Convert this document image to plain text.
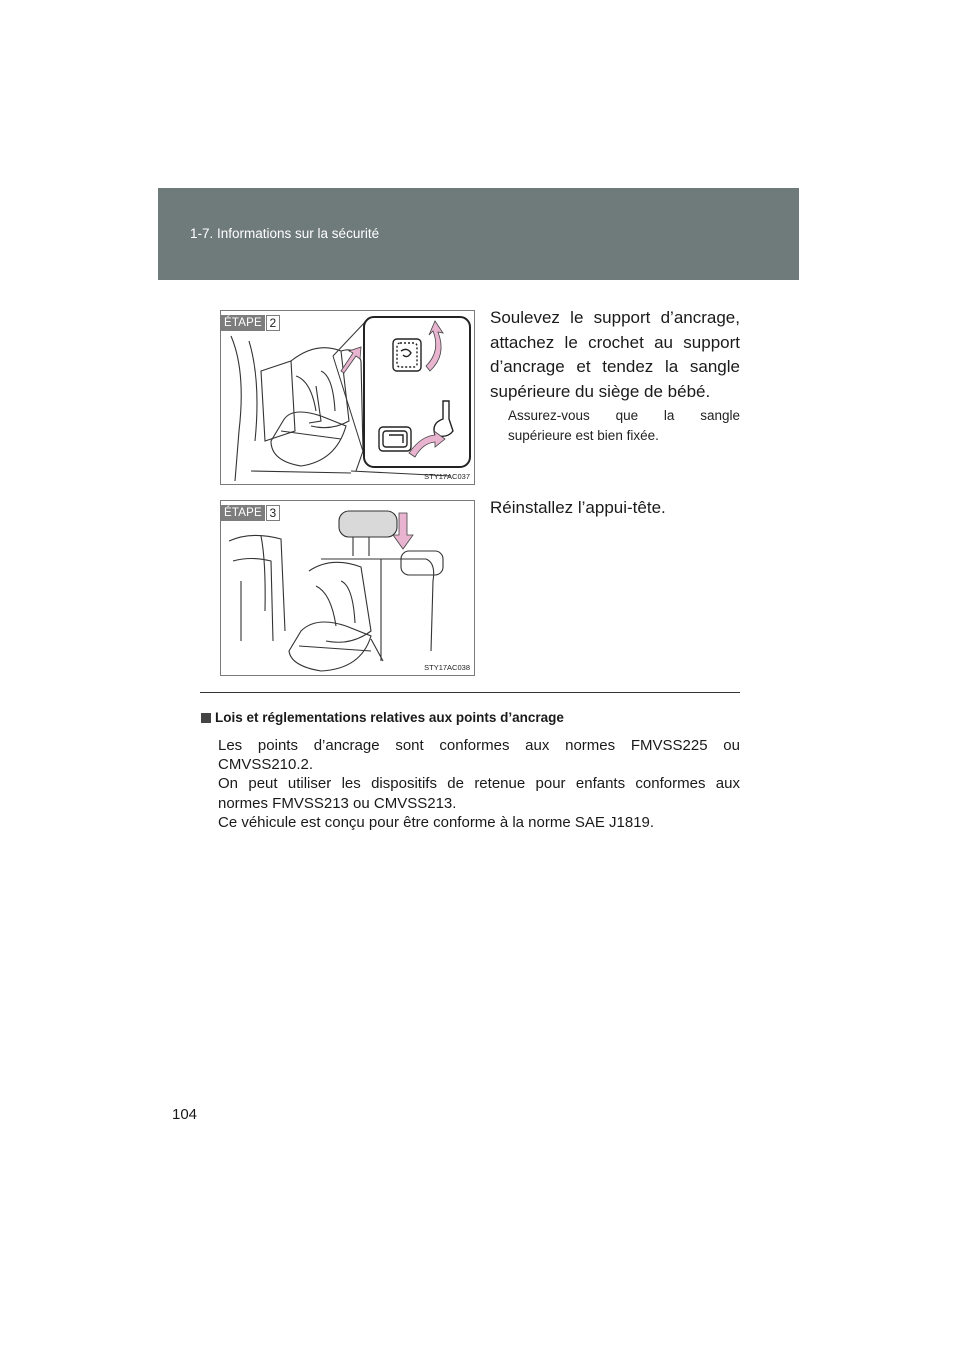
1-7. Informations sur la sécurité
ÉTAPE 2
STY17AC037
Soulevez le support d’ancrage, attachez le crochet au support d’ancrage et tendez la sangle supérieure du siège de bébé.
Assurez-vous que la sangle supérieure est bien fixée.
ÉTAPE 3
STY17AC038
Réinstallez l’appui-tête.
Lois et réglementations relatives aux points d’ancrage

Les points d’ancrage sont conformes aux normes FMVSS225 ou

CMVSS210.2.

On peut utiliser les dispositifs de retenue pour enfants conformes aux

normes FMVSS213 ou CMVSS213.

Ce véhicule est conçu pour être conforme à la norme SAE J1819.

104
